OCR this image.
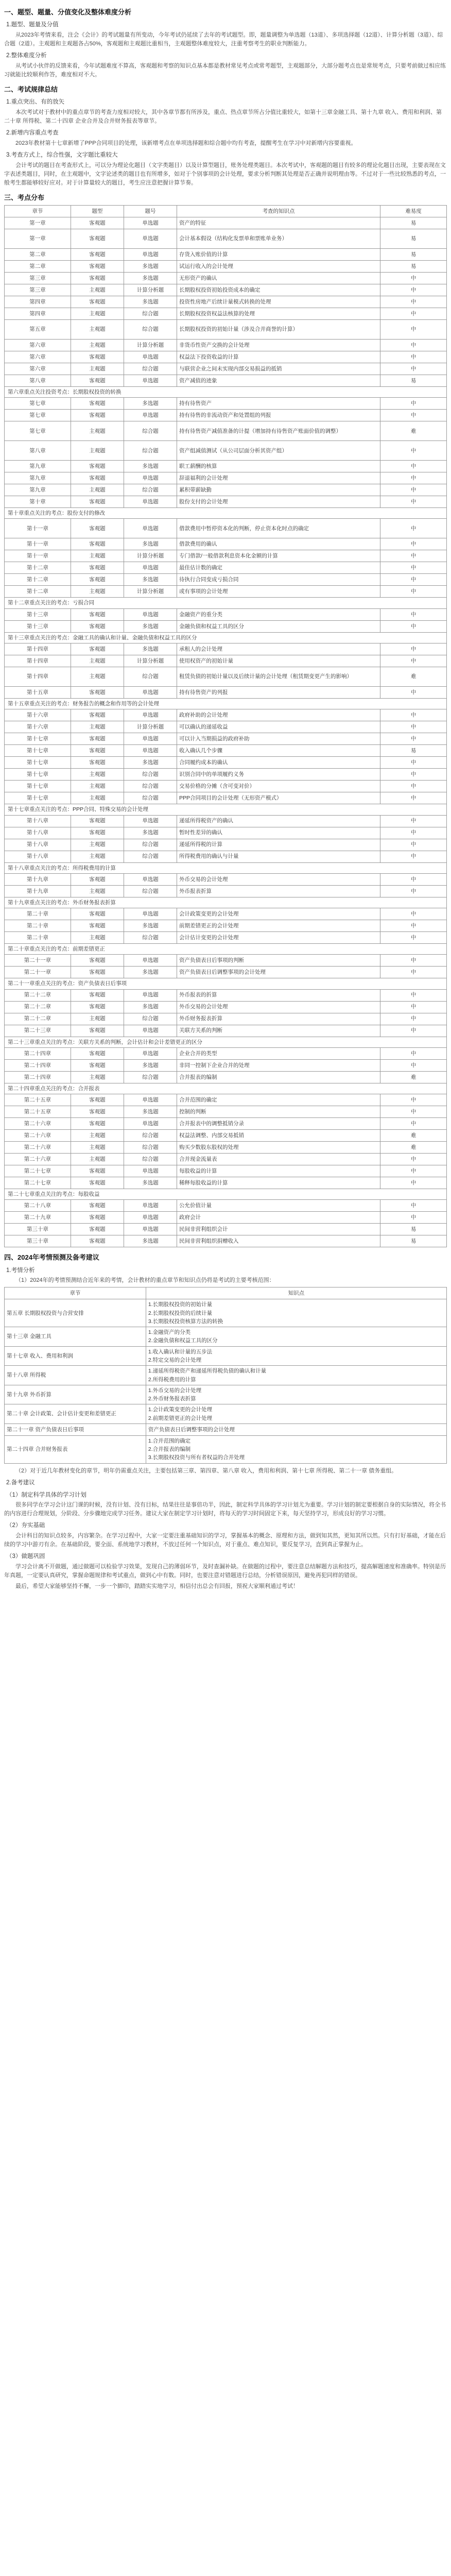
一、题型、题量、分值变化及整体难度分析
1.题型、题量及分值

从2023年考情来看，注会《会计》的考试题量有所变动，今年考试仍延续了去年的考试题型。即，题量调整为单选题（13道）、多项选择题（12道）、计算分析题（3道）、综合题（2道）。主观题和主观题各占50%，客观题和主观题比重相当，主观题整体难度较大，注重考察考生的职业判断能力。

2.整体难度分析

从考试小伙伴的反馈来看，今年试题难度不算高，客观题和考察的知识点基本都是教材常见考点或常考题型，主观题部分，大部分题考点也是常规考点，只要考前做过相应练习就能比较顺利作答，难度相对不大。

二、考试规律总结
1.重点突出、有的放矢

本次考试对于教材中的重点章节的考查力度相对较大，其中各章节都有所涉及，重点、热点章节所占分值比重较大，如第十三章金融工具、第十九章 收入、费用和利润、第二十章 所得税、第二十四章 企业合并及合并财务报表等章节。

2.新增内容重点考查

2023年教材第十七章新增了PPP合同项目的处理，该新增考点在单项选择题和综合题中均有考查，提醒考生在学习中对新增内容要重视。

3.考查方式上，综合性强，文字题比重较大

会计考试的题目在考查形式上，可以分为理论化题目（文字类题目）以及计算型题目，账务处理类题目。本次考试中，客观题的题目有较多的理论化题目出现，主要表现在文字表述类题目，同时，在主观题中，文字论述类的题目也有所增多，如对于个别事项的会计处理，要求分析判断其处理是否正确并说明理由等。不过对于一些比较熟悉的考点，一般考生都能够较好应对。对于计算量较大的题目，考生应注意把握计算节奏。

三、考点分布
章节	题型	题号	考查的知识点	难易度
第一章	客观题	单选题	资产的特征	易
第一章	客观题	单选题	会计基本假设（结构化发票单和票账单业务）	易
第二章	客观题	单选题	存货入账价值的计算	易
第二章	客观题	多选题	试运行收入的会计处理	易
第三章	客观题	多选题	无形资产的确认	中
第三章	主观题	计算分析题	长期股权投资初始投资成本的确定	中
第四章	客观题	多选题	投资性房地产后续计量模式转换的处理	中
第四章	主观题	综合题	长期股权投资权益法核算的处理	中
第五章	主观题	综合题	长期股权投资的初始计量（涉及合并商誉的计算）	中
第六章	主观题	计算分析题	非货币性资产交换的会计处理	中
第六章	客观题	单选题	权益法下投资收益的计算	中
第六章	主观题	综合题	与联营企业之间未实现内部交易损益的抵销	中
第八章	客观题	单选题	资产减值的迹象	易
第六章重点关注投资考点：长期股权投资的转换				
第七章	客观题	多选题	持有待售资产	中
第七章	客观题	单选题	持有待售的非流动资产和处置组的列报	中
第七章	主观题	综合题	持有待售资产减值准备的计提（增加持有待售资产账面价值的调整）	难
第八章	主观题	综合题	资产组减值测试（从公司层面分析其资产组）	中
第九章	客观题	多选题	职工薪酬的核算	中
第九章	客观题	单选题	辞退福利的会计处理	中
第九章	主观题	综合题	累积带薪缺勤	中
第十章	客观题	单选题	股份支付的会计处理	中
第十章重点关注的考点：股份支付的修改				
第十一章	客观题	单选题	借款费用中暂停资本化的判断，停止资本化时点的确定	中
第十一章	客观题	多选题	借款费用的确认	中
第十一章	主观题	计算分析题	专门借款/一般借款利息资本化金额的计算	中
第十二章	客观题	单选题	最佳估计数的确定	中
第十二章	客观题	多选题	待执行合同变成亏损合同	中
第十二章	主观题	计算分析题	或有事项的会计处理	中
第十二章重点关注的考点：亏损合同				
第十三章	客观题	单选题	金融资产的重分类	中
第十三章	客观题	多选题	金融负债和权益工具的区分	中
第十三章重点关注的考点：金融工具的确认和计量、金融负债和权益工具的区分				
第十四章	客观题	多选题	承租人的会计处理	中
第十四章	主观题	计算分析题	使用权资产的初始计量	中
第十四章	主观题	综合题	租赁负债的初始计量以及后续计量的会计处理（租赁期变更产生的影响）	难
第十五章	客观题	单选题	持有待售资产的列报	中
第十五章重点关注的考点：财务报告的概念和作用等的会计处理				
第十六章	客观题	单选题	政府补助的会计处理	中
第十六章	主观题	计算分析题	可以确认的递延收益	中
第十七章	客观题	单选题	可以计入当期损益的政府补助	中
第十七章	客观题	单选题	收入确认几个步骤	易
第十七章	客观题	多选题	合同履约成本的确认	中
第十七章	主观题	综合题	识别合同中的单项履约义务	中
第十七章	主观题	综合题	交易价格的分摊（含可变对价）	中
第十七章	主观题	综合题	PPP合同项目的会计处理（无形资产模式）	中
第十七章重点关注的考点：PPP合同、特殊交易的会计处理				
第十八章	客观题	单选题	递延所得税资产的确认	中
第十八章	客观题	多选题	暂时性差异的确认	中
第十八章	主观题	综合题	递延所得税的计算	中
第十八章	主观题	综合题	所得税费用的确认与计量	中
第十八章重点关注的考点：所得税费用的计算				
第十九章	客观题	单选题	外币交易的会计处理	中
第十九章	主观题	综合题	外币报表折算	中
第十九章重点关注的考点：外币财务报表折算				
第二十章	客观题	单选题	会计政策变更的会计处理	中
第二十章	客观题	多选题	前期差错更正的会计处理	中
第二十章	主观题	综合题	会计估计变更的会计处理	中
第二十章重点关注的考点：前期差错更正				
第二十一章	客观题	单选题	资产负债表日后事项的判断	中
第二十一章	客观题	多选题	资产负债表日后调整事项的会计处理	中
第二十一章重点关注的考点：资产负债表日后事项				
第二十二章	客观题	单选题	外币报表的折算	中
第二十二章	客观题	多选题	外币交易的会计处理	中
第二十二章	主观题	综合题	外币财务报表折算	中
第二十三章	客观题	单选题	关联方关系的判断	中
第二十三章重点关注的考点：关联方关系的判断，会计估计和会计差错更正的区分				
第二十四章	客观题	单选题	企业合并的类型	中
第二十四章	客观题	多选题	非同一控制下企业合并的处理	中
第二十四章	主观题	综合题	合并报表的编制	难
第二十四章重点关注的考点：合并报表				
第二十五章	客观题	单选题	合并范围的确定	中
第二十五章	客观题	多选题	控制的判断	中
第二十六章	客观题	单选题	合并报表中的调整抵销分录	中
第二十六章	主观题	综合题	权益法调整、内部交易抵销	难
第二十六章	主观题	综合题	购买少数股东股权的处理	难
第二十六章	主观题	综合题	合并现金流量表	中
第二十七章	客观题	单选题	每股收益的计算	中
第二十七章	客观题	多选题	稀释每股收益的计算	中
第二十七章重点关注的考点：每股收益				
第二十八章	客观题	单选题	公允价值计量	中
第二十九章	客观题	单选题	政府会计	中
第三十章	客观题	单选题	民间非营利组织会计	易
第三十章	客观题	多选题	民间非营利组织捐赠收入	易
四、2024年考情预测及备考建议
1.考情分析

（1）2024年的考情预测结合近年来的考情，会计教材的重点章节和知识点仍将是考试的主要考核范围：

章节	知识点
第五章 长期股权投资与合营安排	1.长期股权投资的初始计量
2.长期股权投资的后续计量
3.长期股权投资核算方法的转换
第十三章 金融工具	1.金融资产的分类
2.金融负债和权益工具的区分
第十七章 收入、费用和利润	1.收入确认和计量的五步法
2.特定交易的会计处理
第十八章 所得税	1.递延所得税资产和递延所得税负债的确认和计量
2.所得税费用的计算
第十九章 外币折算	1.外币交易的会计处理
2.外币财务报表折算
第二十章 会计政策、会计估计变更和差错更正	1.会计政策变更的会计处理
2.前期差错更正的会计处理
第二十一章 资产负债表日后事项	资产负债表日后调整事项的会计处理
第二十四章 合并财务报表	1.合并范围的确定
2.合并报表的编制
3.长期股权投资与所有者权益的合并处理

（2）对于近几年教材变化的章节，明年仍需重点关注，主要包括第三章、第四章、第八章 收入，费用和利润、第十七章 所得税、第二十一章 债务重组。

2.备考建议
（1）制定科学具体的学习计划

很多同学在学习会计这门课的时候，没有计划、没有目标，结果往往是事倍功半，因此，制定科学具体的学习计划尤为重要。学习计划的制定要根据自身的实际情况，将全书的内容进行合理规划，分阶段、分步骤地完成学习任务。建议大家在制定学习计划时，将每天的学习时间固定下来，每天坚持学习，形成良好的学习习惯。

（2）夯实基础

会计科目的知识点较多，内容繁杂。在学习过程中，大家一定要注重基础知识的学习，掌握基本的概念、原理和方法，做到知其然，更知其所以然。只有打好基础，才能在后续的学习中游刃有余。在基础阶段，要全面、系统地学习教材，不放过任何一个知识点，对于重点、难点知识，要反复学习，直到真正掌握为止。

（3）做题巩固

学习会计离不开做题，通过做题可以检验学习效果，发现自己的薄弱环节，及时查漏补缺。在做题的过程中，要注意总结解题方法和技巧，提高解题速度和准确率。特别是历年真题，一定要认真研究，掌握命题规律和考试重点，做到心中有数。同时，也要注意对错题进行总结，分析错误原因，避免再犯同样的错误。

最后，希望大家能够坚持不懈，一步一个脚印，踏踏实实地学习，相信付出总会有回报，预祝大家顺利通过考试！
